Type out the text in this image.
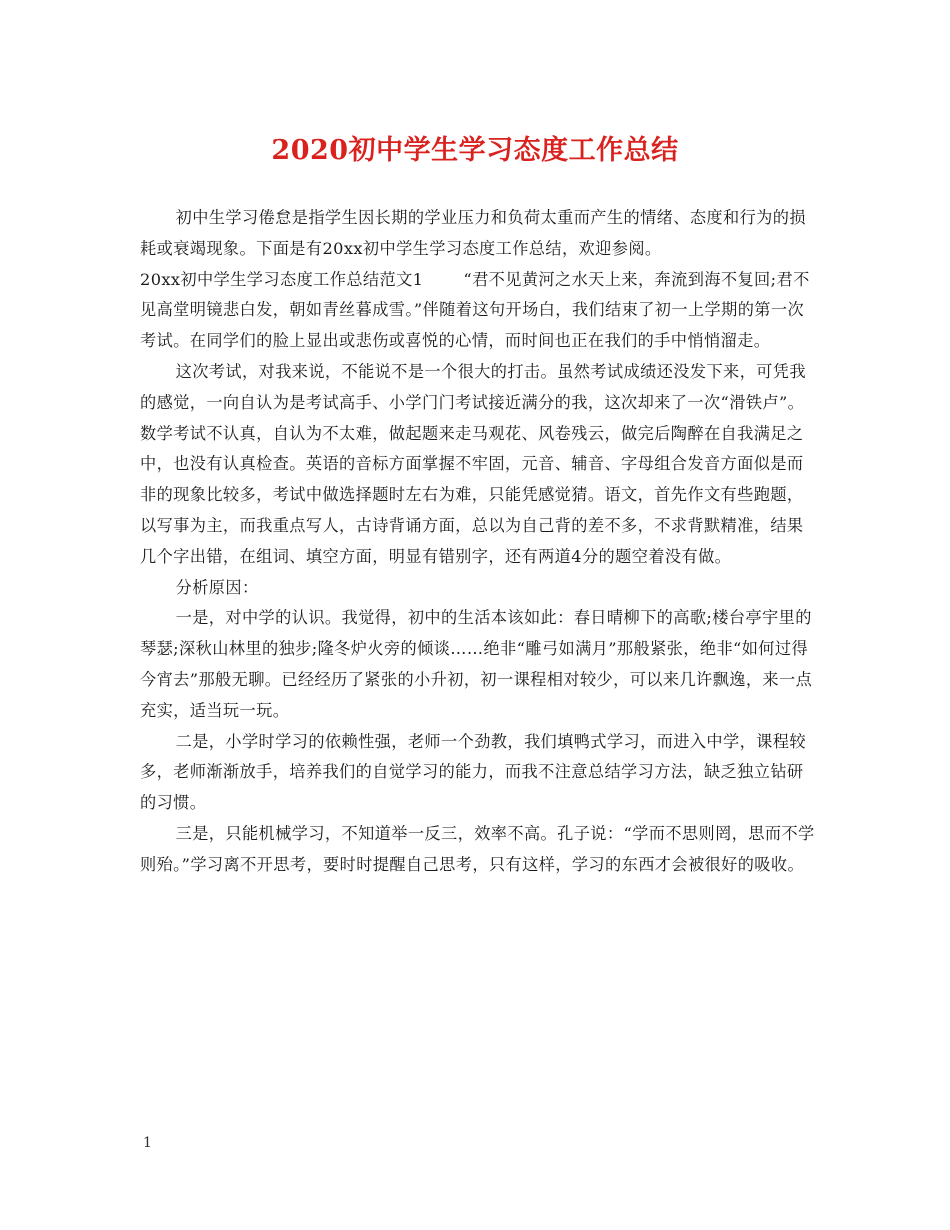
2020初中学生学习态度工作总结

初中生学习倦怠是指学生因长期的学业压力和负荷太重而产生的情绪、态度和行为的损耗或衰竭现象。下面是有20xx初中学生学习态度工作总结，欢迎参阅。

20xx初中学生学习态度工作总结范文1 “君不见黄河之水天上来，奔流到海不复回;君不见高堂明镜悲白发，朝如青丝暮成雪。”伴随着这句开场白，我们结束了初一上学期的第一次考试。在同学们的脸上显出或悲伤或喜悦的心情，而时间也正在我们的手中悄悄溜走。

这次考试，对我来说，不能说不是一个很大的打击。虽然考试成绩还没发下来，可凭我的感觉，一向自认为是考试高手、小学门门考试接近满分的我，这次却来了一次“滑铁卢”。数学考试不认真，自认为不太难，做起题来走马观花、风卷残云，做完后陶醉在自我满足之中，也没有认真检查。英语的音标方面掌握不牢固，元音、辅音、字母组合发音方面似是而非的现象比较多，考试中做选择题时左右为难，只能凭感觉猜。语文，首先作文有些跑题，以写事为主，而我重点写人，古诗背诵方面，总以为自己背的差不多，不求背默精准，结果几个字出错，在组词、填空方面，明显有错别字，还有两道4分的题空着没有做。

分析原因：

一是，对中学的认识。我觉得，初中的生活本该如此：春日晴柳下的高歌;楼台亭宇里的琴瑟;深秋山林里的独步;隆冬炉火旁的倾谈……绝非“雕弓如满月”那般紧张，绝非“如何过得今宵去”那般无聊。已经经历了紧张的小升初，初一课程相对较少，可以来几许飘逸，来一点充实，适当玩一玩。

二是，小学时学习的依赖性强，老师一个劲教，我们填鸭式学习，而进入中学，课程较多，老师渐渐放手，培养我们的自觉学习的能力，而我不注意总结学习方法，缺乏独立钻研的习惯。

三是，只能机械学习，不知道举一反三，效率不高。孔子说：“学而不思则罔，思而不学则殆。”学习离不开思考，要时时提醒自己思考，只有这样，学习的东西才会被很好的吸收。

1
